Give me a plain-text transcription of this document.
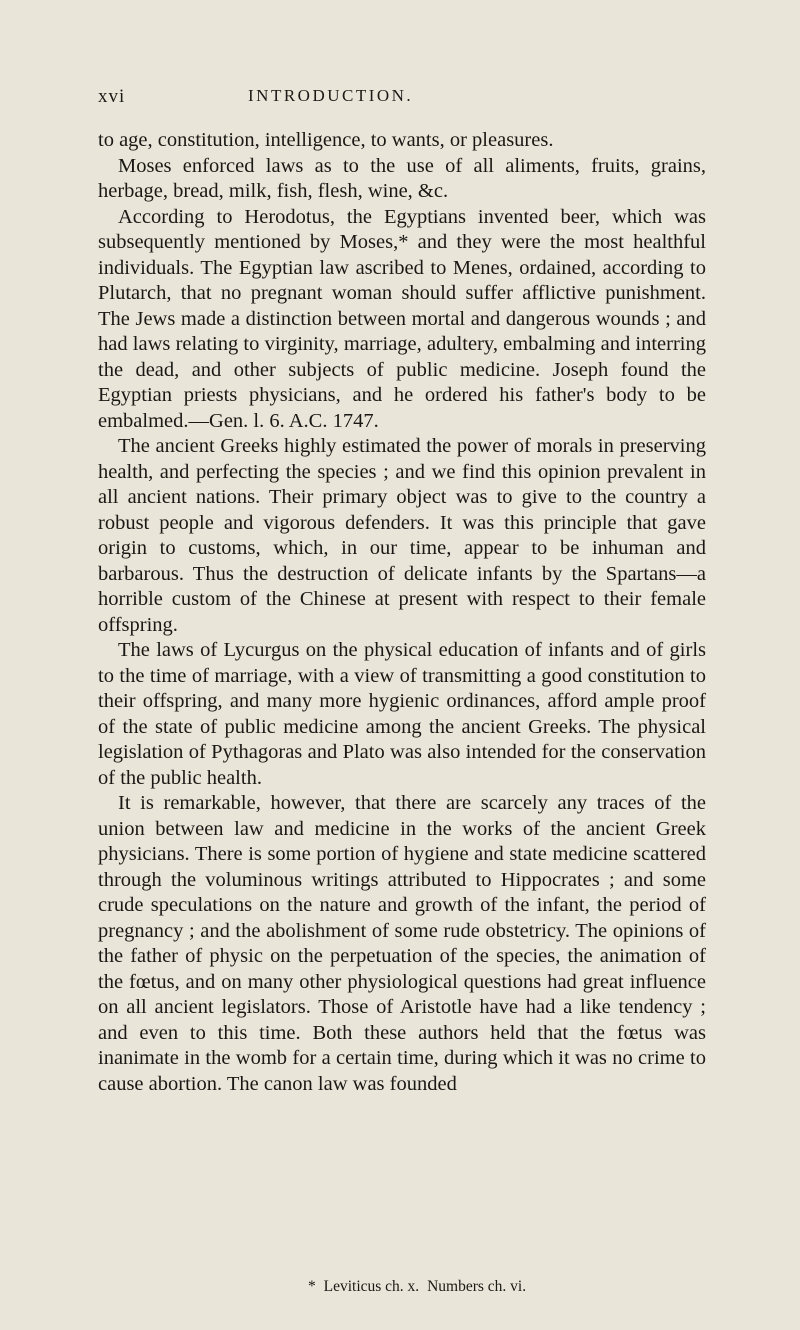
xvi	INTRODUCTION.

to age, constitution, intelligence, to wants, or pleasures.

Moses enforced laws as to the use of all aliments, fruits, grains, herbage, bread, milk, fish, flesh, wine, &c.

According to Herodotus, the Egyptians invented beer, which was subsequently mentioned by Moses,* and they were the most healthful individuals. The Egyptian law ascribed to Menes, ordained, according to Plutarch, that no pregnant woman should suffer afflictive punishment. The Jews made a distinction between mortal and dangerous wounds ; and had laws relating to virginity, marriage, adultery, embalming and interring the dead, and other subjects of public medicine. Joseph found the Egyptian priests physicians, and he ordered his father's body to be embalmed.—Gen. l. 6. A.C. 1747.

The ancient Greeks highly estimated the power of morals in preserving health, and perfecting the species ; and we find this opinion prevalent in all ancient nations. Their primary object was to give to the country a robust people and vigorous defenders. It was this principle that gave origin to customs, which, in our time, appear to be inhuman and barbarous. Thus the destruction of delicate infants by the Spartans—a horrible custom of the Chinese at present with respect to their female offspring.

The laws of Lycurgus on the physical education of infants and of girls to the time of marriage, with a view of transmitting a good constitution to their offspring, and many more hygienic ordinances, afford ample proof of the state of public medicine among the ancient Greeks. The physical legislation of Pythagoras and Plato was also intended for the conservation of the public health.

It is remarkable, however, that there are scarcely any traces of the union between law and medicine in the works of the ancient Greek physicians. There is some portion of hygiene and state medicine scattered through the voluminous writings attributed to Hippocrates ; and some crude speculations on the nature and growth of the infant, the period of pregnancy ; and the abolishment of some rude obstetricy. The opinions of the father of physic on the perpetuation of the species, the animation of the fœtus, and on many other physiological questions had great influence on all ancient legislators. Those of Aristotle have had a like tendency ; and even to this time. Both these authors held that the fœtus was inanimate in the womb for a certain time, during which it was no crime to cause abortion. The canon law was founded

* Leviticus ch. x. Numbers ch. vi.
